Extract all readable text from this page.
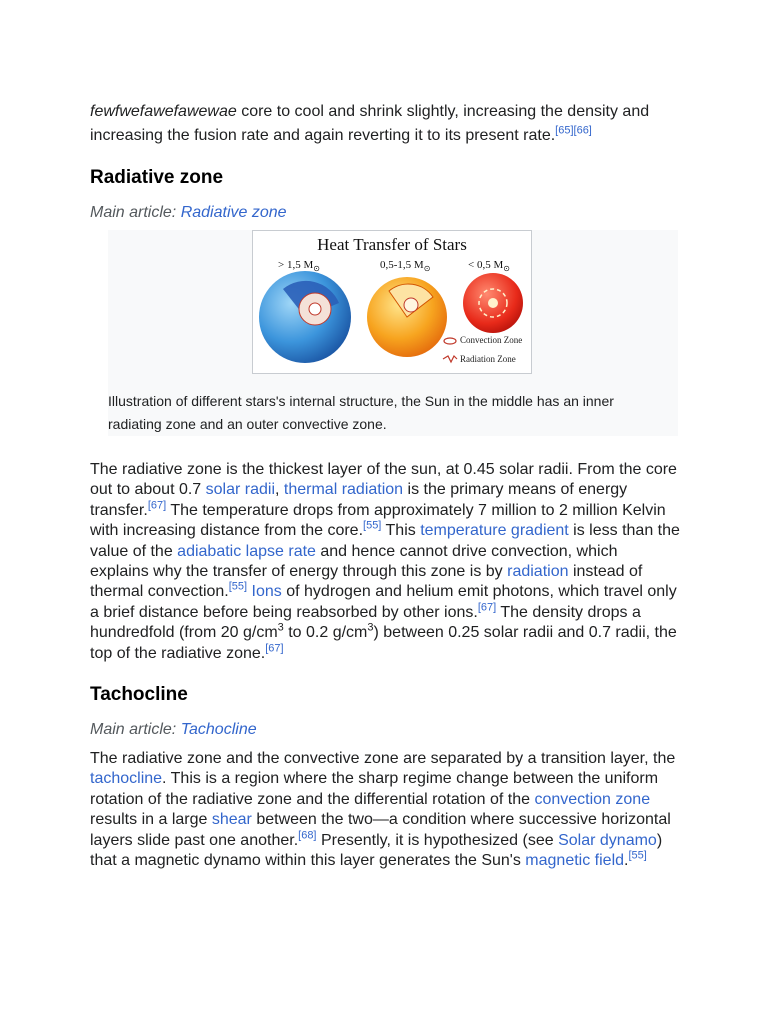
fewfwefawefawewae core to cool and shrink slightly, increasing the density and increasing the fusion rate and again reverting it to its present rate.[65][66]

Radiative zone
Main article: Radiative zone
Heat Transfer of Stars
> 1,5 $M_⊙$	0,5-1,5 $M_⊙$	< 0,5 $M_⊙$
Convection Zone
Radiation Zone
Illustration of different stars's internal structure, the Sun in the middle has an inner radiating zone and an outer convective zone.

The radiative zone is the thickest layer of the sun, at 0.45 solar radii. From the core out to about 0.7 solar radii, thermal radiation is the primary means of energy transfer.[67] The temperature drops from approximately 7 million to 2 million Kelvin with increasing distance from the core.[55] This temperature gradient is less than the value of the adiabatic lapse rate and hence cannot drive convection, which explains why the transfer of energy through this zone is by radiation instead of thermal convection.[55] Ions of hydrogen and helium emit photons, which travel only a brief distance before being reabsorbed by other ions.[67] The density drops a hundredfold (from 20 $g/cm^3$ to 0.2 $g/cm^3$) between 0.25 solar radii and 0.7 radii, the top of the radiative zone.[67]

Tachocline
Main article: Tachocline

The radiative zone and the convective zone are separated by a transition layer, the tachocline. This is a region where the sharp regime change between the uniform rotation of the radiative zone and the differential rotation of the convection zone results in a large shear between the two—a condition where successive horizontal layers slide past one another.[68] Presently, it is hypothesized (see Solar dynamo) that a magnetic dynamo within this layer generates the Sun's magnetic field.[55]
